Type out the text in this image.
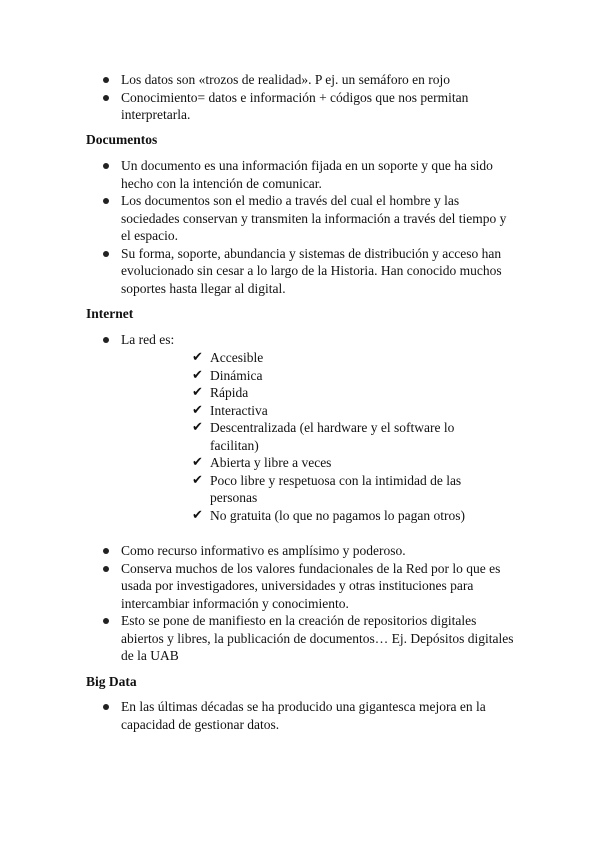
Los datos son «trozos de realidad». P ej. un semáforo en rojo
Conocimiento= datos e información + códigos que nos permitan interpretarla.
Documentos
Un documento es una información fijada en un soporte y que ha sido hecho con la intención de comunicar.
Los documentos son el medio a través del cual el hombre y las sociedades conservan y transmiten la información a través del tiempo y el espacio.
Su forma, soporte, abundancia y sistemas de distribución y acceso han evolucionado sin cesar a lo largo de la Historia. Han conocido muchos soportes hasta llegar al digital.
Internet
La red es:
✔ Accesible
✔ Dinámica
✔ Rápida
✔ Interactiva
✔ Descentralizada (el hardware y el software lo facilitan)
✔ Abierta y libre a veces
✔ Poco libre y respetuosa con la intimidad de las personas
✔ No gratuita (lo que no pagamos lo pagan otros)
Como recurso informativo es amplísimo y poderoso.
Conserva muchos de los valores fundacionales de la Red por lo que es usada por investigadores, universidades y otras instituciones para intercambiar información y conocimiento.
Esto se pone de manifiesto en la creación de repositorios digitales abiertos y libres, la publicación de documentos… Ej. Depósitos digitales de la UAB
Big Data
En las últimas décadas se ha producido una gigantesca mejora en la capacidad de gestionar datos.
